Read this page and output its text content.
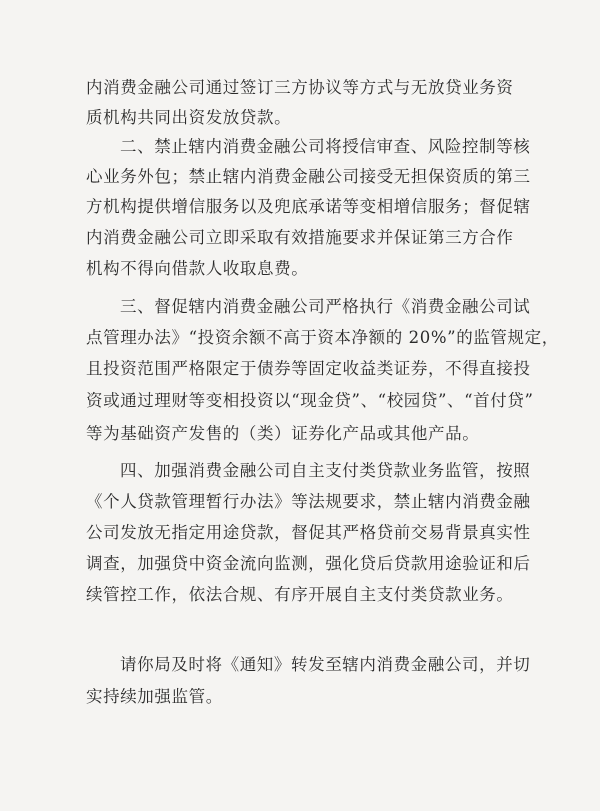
内消费金融公司通过签订三方协议等方式与无放贷业务资
质机构共同出资发放贷款。
二、禁止辖内消费金融公司将授信审查、风险控制等核
心业务外包；禁止辖内消费金融公司接受无担保资质的第三
方机构提供增信服务以及兜底承诺等变相增信服务；督促辖
内消费金融公司立即采取有效措施要求并保证第三方合作
机构不得向借款人收取息费。
三、督促辖内消费金融公司严格执行《消费金融公司试
点管理办法》“投资余额不高于资本净额的 20%”的监管规定，
且投资范围严格限定于债券等固定收益类证券，不得直接投
资或通过理财等变相投资以“现金贷”、“校园贷”、“首付贷”
等为基础资产发售的（类）证券化产品或其他产品。
四、加强消费金融公司自主支付类贷款业务监管，按照
《个人贷款管理暂行办法》等法规要求，禁止辖内消费金融
公司发放无指定用途贷款，督促其严格贷前交易背景真实性
调查，加强贷中资金流向监测，强化贷后贷款用途验证和后
续管控工作，依法合规、有序开展自主支付类贷款业务。
请你局及时将《通知》转发至辖内消费金融公司，并切
实持续加强监管。
